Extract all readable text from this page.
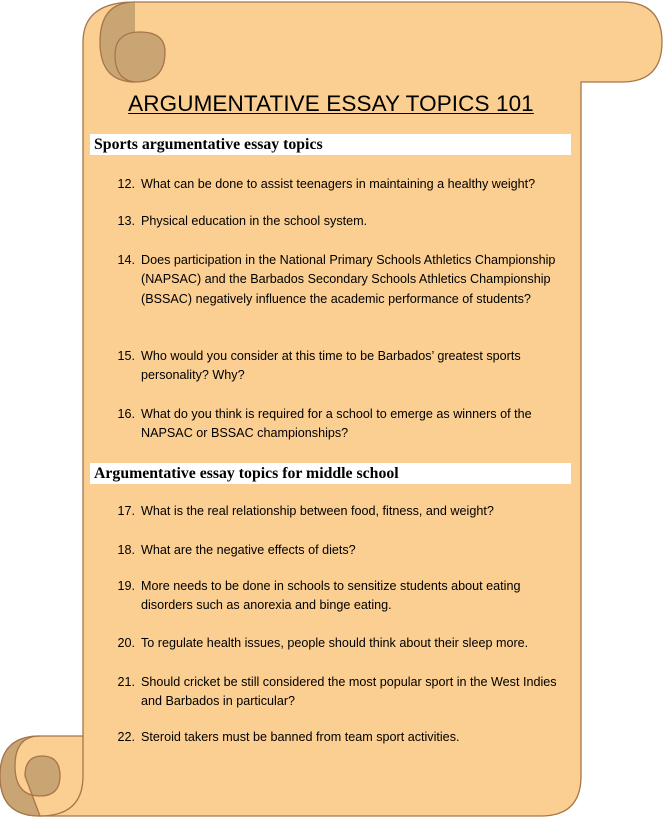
ARGUMENTATIVE ESSAY TOPICS 101
Sports argumentative essay topics
12. What can be done to assist teenagers in maintaining a healthy weight?
13. Physical education in the school system.
14. Does participation in the National Primary Schools Athletics Championship (NAPSAC) and the Barbados Secondary Schools Athletics Championship (BSSAC) negatively influence the academic performance of students?
15. Who would you consider at this time to be Barbados’ greatest sports personality? Why?
16. What do you think is required for a school to emerge as winners of the NAPSAC or BSSAC championships?
Argumentative essay topics for middle school
17. What is the real relationship between food, fitness, and weight?
18. What are the negative effects of diets?
19. More needs to be done in schools to sensitize students about eating disorders such as anorexia and binge eating.
20. To regulate health issues, people should think about their sleep more.
21. Should cricket be still considered the most popular sport in the West Indies and Barbados in particular?
22. Steroid takers must be banned from team sport activities.
